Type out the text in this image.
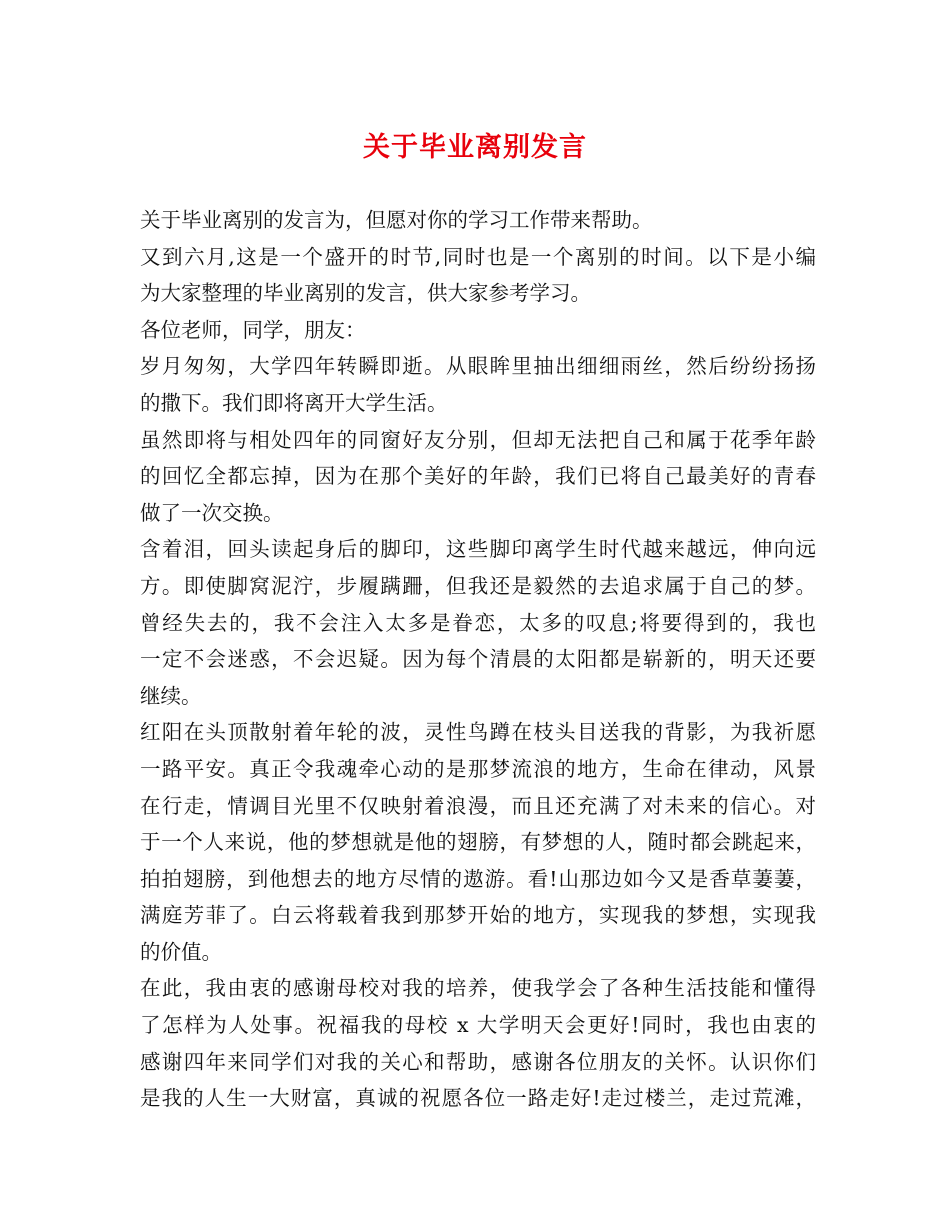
关于毕业离别发言
关于毕业离别的发言为，但愿对你的学习工作带来帮助。
又到六月,这是一个盛开的时节,同时也是一个离别的时间。以下是小编
为大家整理的毕业离别的发言，供大家参考学习。
各位老师，同学，朋友：
岁月匆匆，大学四年转瞬即逝。从眼眸里抽出细细雨丝，然后纷纷扬扬
的撒下。我们即将离开大学生活。
虽然即将与相处四年的同窗好友分别，但却无法把自己和属于花季年龄
的回忆全都忘掉，因为在那个美好的年龄，我们已将自己最美好的青春
做了一次交换。
含着泪，回头读起身后的脚印，这些脚印离学生时代越来越远，伸向远
方。即使脚窝泥泞，步履蹒跚，但我还是毅然的去追求属于自己的梦。
曾经失去的，我不会注入太多是眷恋，太多的叹息;将要得到的，我也
一定不会迷惑，不会迟疑。因为每个清晨的太阳都是崭新的，明天还要
继续。
红阳在头顶散射着年轮的波，灵性鸟蹲在枝头目送我的背影，为我祈愿
一路平安。真正令我魂牵心动的是那梦流浪的地方，生命在律动，风景
在行走，情调目光里不仅映射着浪漫，而且还充满了对未来的信心。对
于一个人来说，他的梦想就是他的翅膀，有梦想的人，随时都会跳起来，
拍拍翅膀，到他想去的地方尽情的遨游。看!山那边如今又是香草萋萋，
满庭芳菲了。白云将载着我到那梦开始的地方，实现我的梦想，实现我
的价值。
在此，我由衷的感谢母校对我的培养，使我学会了各种生活技能和懂得
了怎样为人处事。祝福我的母校 x 大学明天会更好!同时，我也由衷的
感谢四年来同学们对我的关心和帮助，感谢各位朋友的关怀。认识你们
是我的人生一大财富，真诚的祝愿各位一路走好!走过楼兰，走过荒滩，
